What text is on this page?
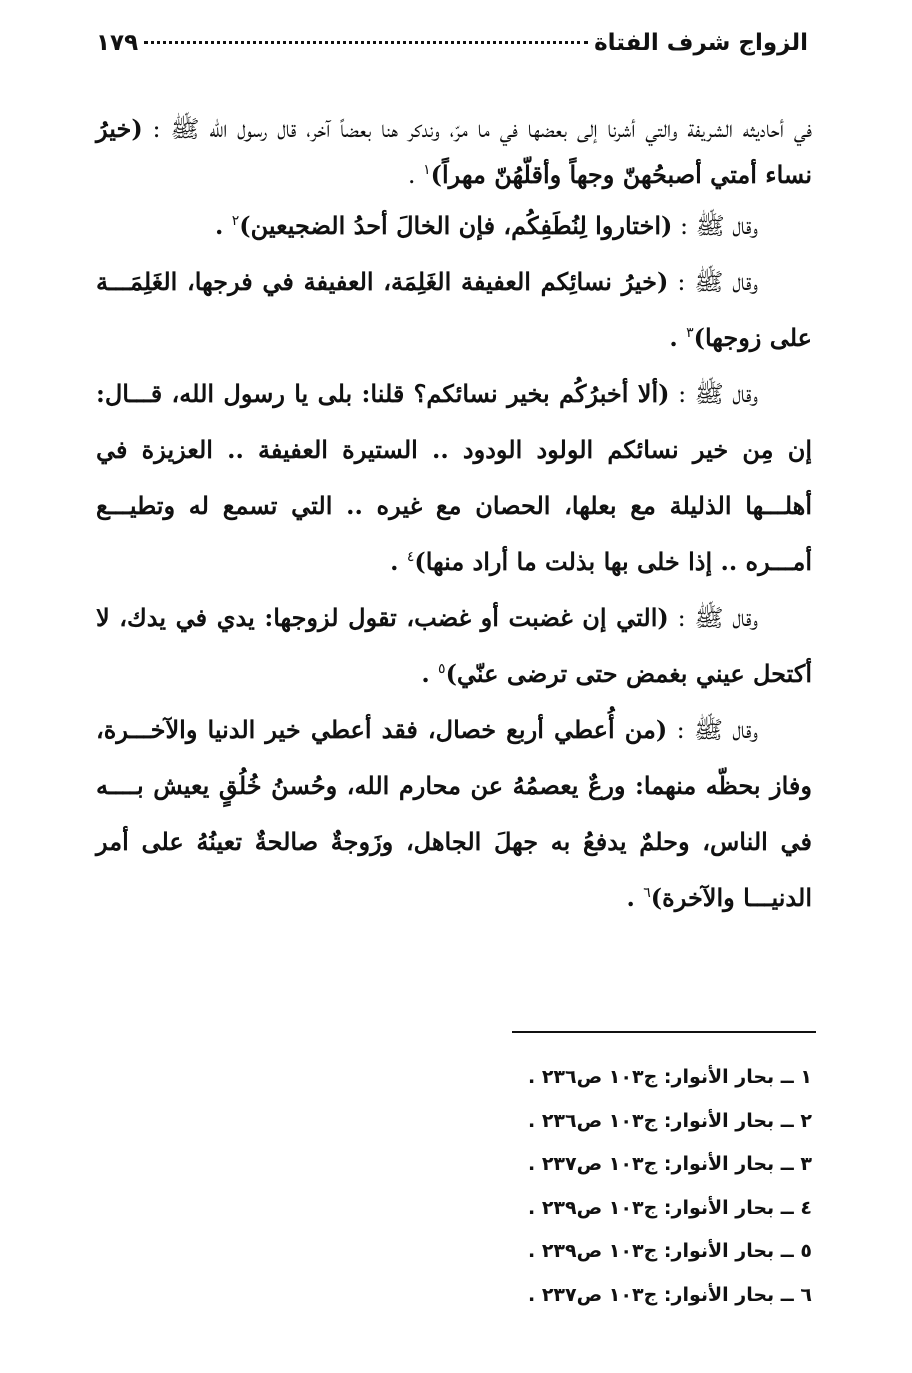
الزواج شرف الفتاة
١٧٩

في أحاديثه الشريفة والتي أشرنا إلى بعضها في ما مرّ، وندكر هنا بعضاً آخر، قال رسول الله ﷺ : (خيرُ نساء أمتي أصبحُهنّ وجهاً وأقلّهُنّ مهراً)$^١$ .

وقال ﷺ : (اختاروا لِنُطَفِكُم، فإن الخالَ أحدُ الضجيعين)$^٢$ .

وقال ﷺ : (خيرُ نسائِكم العفيفة الغَلِمَة، العفيفة في فرجها، الغَلِمَـــة على زوجها)$^٣$ .

وقال ﷺ : (ألا أخبرُكُم بخير نسائكم؟ قلنا: بلى يا رسول الله، قـــال: إن مِن خير نسائكم الولود الودود .. الستيرة العفيفة .. العزيزة في أهلـــها الذليلة مع بعلها، الحصان مع غيره .. التي تسمع له وتطيـــع أمـــره .. إذا خلى بها بذلت ما أراد منها)$^٤$ .

وقال ﷺ : (التي إن غضبت أو غضب، تقول لزوجها: يدي في يدك، لا أكتحل عيني بغمض حتى ترضى عنّي)$^٥$ .

وقال ﷺ : (من أُعطي أربع خصال، فقد أعطي خير الدنيا والآخـــرة، وفاز بحظّه منهما: ورعٌ يعصمُهُ عن محارم الله، وحُسنُ خُلُقٍ يعيش بــــه في الناس، وحلمٌ يدفعُ به جهلَ الجاهل، وزَوجةٌ صالحةٌ تعينُهُ على أمر الدنيـــا والآخرة)$^٦$ .

١ ــ بحار الأنوار: ج١٠٣ ص٢٣٦ .
٢ ــ بحار الأنوار: ج١٠٣ ص٢٣٦ .
٣ ــ بحار الأنوار: ج١٠٣ ص٢٣٧ .
٤ ــ بحار الأنوار: ج١٠٣ ص٢٣٩ .
٥ ــ بحار الأنوار: ج١٠٣ ص٢٣٩ .
٦ ــ بحار الأنوار: ج١٠٣ ص٢٣٧ .
